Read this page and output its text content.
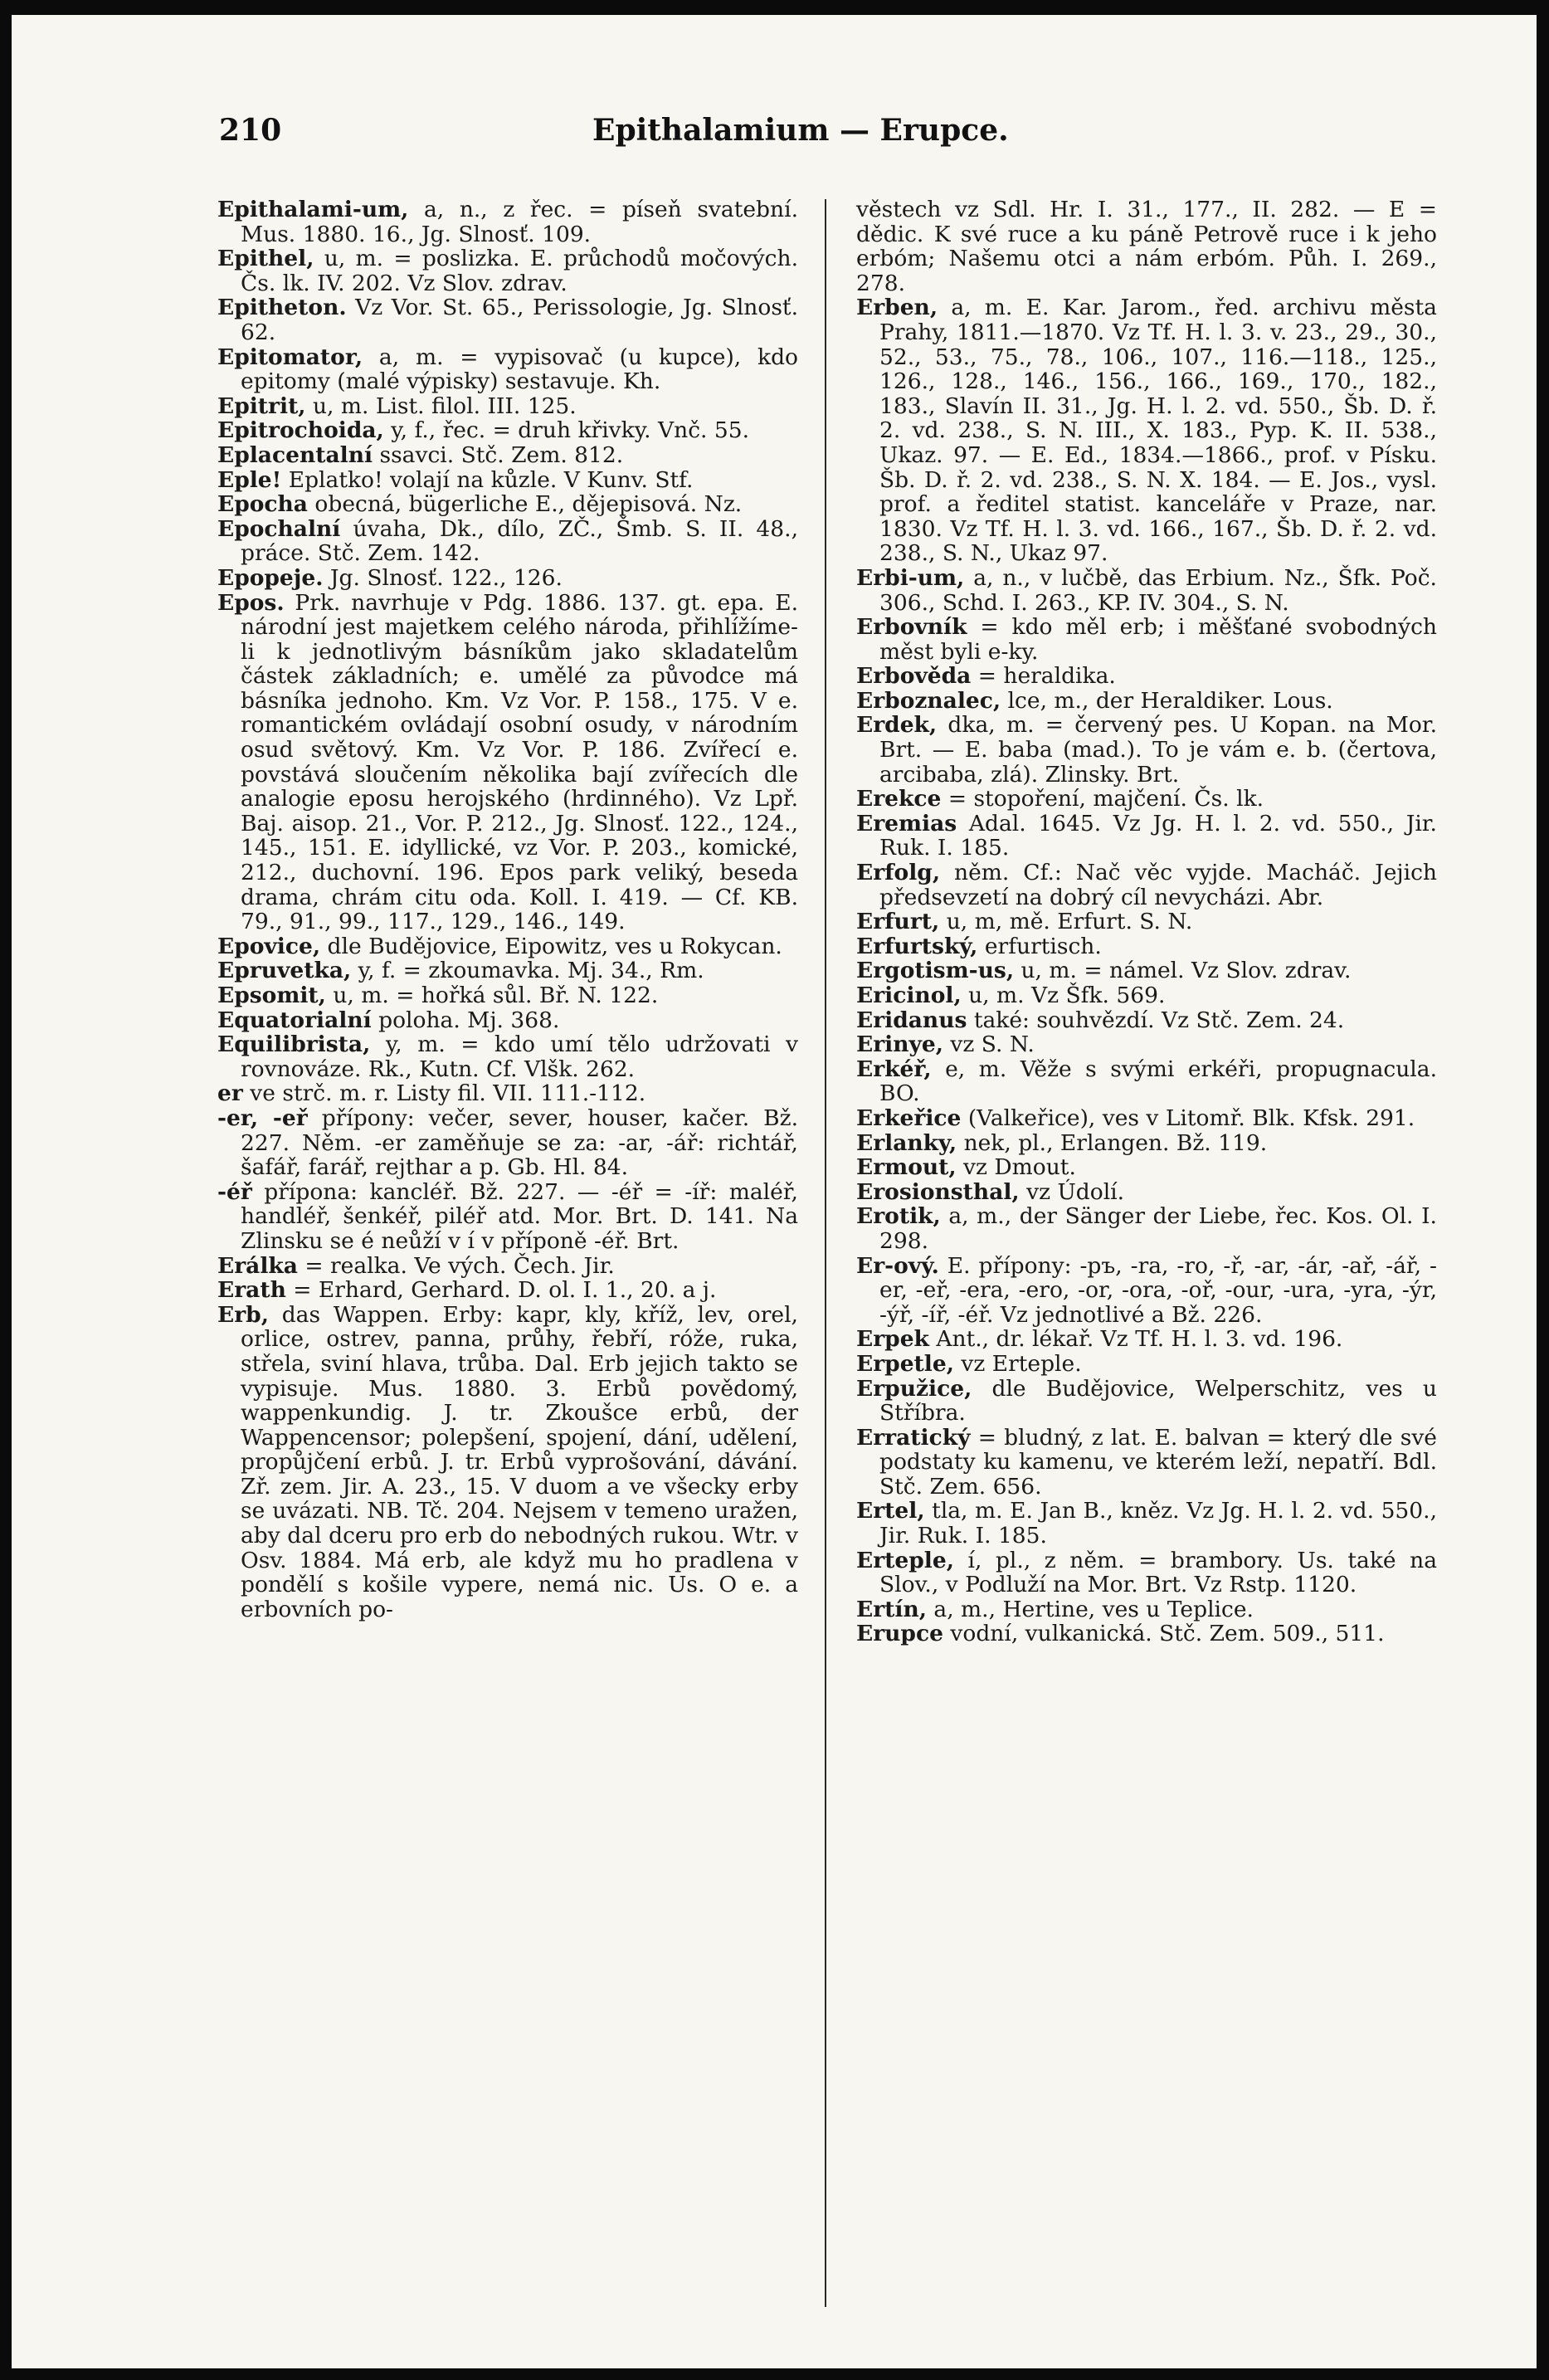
210	Epithalamium — Erupce.

Epithalami-um, a, n., z řec. = píseň svatební. Mus. 1880. 16., Jg. Slnosť. 109.

Epithel, u, m. = poslizka. E. průchodů močových. Čs. lk. IV. 202. Vz Slov. zdrav.

Epitheton. Vz Vor. St. 65., Perissologie, Jg. Slnosť. 62.

Epitomator, a, m. = vypisovač (u kupce), kdo epitomy (malé výpisky) sestavuje. Kh.

Epitrit, u, m. List. filol. III. 125.

Epitrochoida, y, f., řec. = druh křivky. Vnč. 55.

Eplacentalní ssavci. Stč. Zem. 812.

Eple! Eplatko! volají na kůzle. V Kunv. Stf.

Epocha obecná, bügerliche E., dějepisová. Nz.

Epochalní úvaha, Dk., dílo, ZČ., Šmb. S. II. 48., práce. Stč. Zem. 142.

Epopeje. Jg. Slnosť. 122., 126.

Epos. Prk. navrhuje v Pdg. 1886. 137. gt. epa. E. národní jest majetkem celého národa, přihlížíme-li k jednotlivým básníkům jako skladatelům částek základních; e. umělé za původce má básníka jednoho. Km. Vz Vor. P. 158., 175. V e. romantickém ovládají osobní osudy, v národním osud světový. Km. Vz Vor. P. 186. Zvířecí e. povstává sloučením několika bají zvířecích dle analogie eposu herojského (hrdinného). Vz Lpř. Baj. aisop. 21., Vor. P. 212., Jg. Slnosť. 122., 124., 145., 151. E. idyllické, vz Vor. P. 203., komické, 212., duchovní. 196. Epos park veliký, beseda drama, chrám citu oda. Koll. I. 419. — Cf. KB. 79., 91., 99., 117., 129., 146., 149.

Epovice, dle Budějovice, Eipowitz, ves u Rokycan.

Epruvetka, y, f. = zkoumavka. Mj. 34., Rm.

Epsomit, u, m. = hořká sůl. Bř. N. 122.

Equatorialní poloha. Mj. 368.

Equilibrista, y, m. = kdo umí tělo udržovati v rovnováze. Rk., Kutn. Cf. Vlšk. 262.

er ve strč. m. r. Listy fil. VII. 111.-112.

-er, -eř přípony: večer, sever, houser, kačer. Bž. 227. Něm. -er zaměňuje se za: -ar, -ář: richtář, šafář, farář, rejthar a p. Gb. Hl. 84.

-éř přípona: kancléř. Bž. 227. — -éř = -íř: maléř, handléř, šenkéř, piléř atd. Mor. Brt. D. 141. Na Zlinsku se é neůží v í v příponě -éř. Brt.

Erálka = realka. Ve vých. Čech. Jir.

Erath = Erhard, Gerhard. D. ol. I. 1., 20. a j.

Erb, das Wappen. Erby: kapr, kly, kříž, lev, orel, orlice, ostrev, panna, průhy, řebří, róže, ruka, střela, sviní hlava, trůba. Dal. Erb jejich takto se vypisuje. Mus. 1880. 3. Erbů povědomý, wappenkundig. J. tr. Zkoušce erbů, der Wappencensor; polepšení, spojení, dání, udělení, propůjčení erbů. J. tr. Erbů vyprošování, dávání. Zř. zem. Jir. A. 23., 15. V duom a ve všecky erby se uvázati. NB. Tč. 204. Nejsem v temeno uražen, aby dal dceru pro erb do nebodných rukou. Wtr. v Osv. 1884. Má erb, ale když mu ho pradlena v pondělí s košile vypere, nemá nic. Us. O e. a erbovních po-

věstech vz Sdl. Hr. I. 31., 177., II. 282. — E = dědic. K své ruce a ku páně Petrově ruce i k jeho erbóm; Našemu otci a nám erbóm. Půh. I. 269., 278.

Erben, a, m. E. Kar. Jarom., řed. archivu města Prahy, 1811.—1870. Vz Tf. H. l. 3. v. 23., 29., 30., 52., 53., 75., 78., 106., 107., 116.—118., 125., 126., 128., 146., 156., 166., 169., 170., 182., 183., Slavín II. 31., Jg. H. l. 2. vd. 550., Šb. D. ř. 2. vd. 238., S. N. III., X. 183., Pyp. K. II. 538., Ukaz. 97. — E. Ed., 1834.—1866., prof. v Písku. Šb. D. ř. 2. vd. 238., S. N. X. 184. — E. Jos., vysl. prof. a ředitel statist. kanceláře v Praze, nar. 1830. Vz Tf. H. l. 3. vd. 166., 167., Šb. D. ř. 2. vd. 238., S. N., Ukaz 97.

Erbi-um, a, n., v lučbě, das Erbium. Nz., Šfk. Poč. 306., Schd. I. 263., KP. IV. 304., S. N.

Erbovník = kdo měl erb; i měšťané svobodných měst byli e-ky.

Erbověda = heraldika.

Erboznalec, lce, m., der Heraldiker. Lous.

Erdek, dka, m. = červený pes. U Kopan. na Mor. Brt. — E. baba (mad.). To je vám e. b. (čertova, arcibaba, zlá). Zlinsky. Brt.

Erekce = stopoření, majčení. Čs. lk.

Eremias Adal. 1645. Vz Jg. H. l. 2. vd. 550., Jir. Ruk. I. 185.

Erfolg, něm. Cf.: Nač věc vyjde. Macháč. Jejich předsevzetí na dobrý cíl nevycházi. Abr.

Erfurt, u, m, mě. Erfurt. S. N.

Erfurtský, erfurtisch.

Ergotism-us, u, m. = námel. Vz Slov. zdrav.

Ericinol, u, m. Vz Šfk. 569.

Eridanus také: souhvězdí. Vz Stč. Zem. 24.

Erinye, vz S. N.

Erkéř, e, m. Věže s svými erkéři, propugnacula. BO.

Erkeřice (Valkeřice), ves v Litomř. Blk. Kfsk. 291.

Erlanky, nek, pl., Erlangen. Bž. 119.

Ermout, vz Dmout.

Erosionsthal, vz Údolí.

Erotik, a, m., der Sänger der Liebe, řec. Kos. Ol. I. 298.

Er-ový. E. přípony: -ръ, -ra, -ro, -ř, -ar, -ár, -ař, -ář, -er, -eř, -era, -ero, -or, -ora, -oř, -our, -ura, -yra, -ýr, -ýř, -íř, -éř. Vz jednotlivé a Bž. 226.

Erpek Ant., dr. lékař. Vz Tf. H. l. 3. vd. 196.

Erpetle, vz Erteple.

Erpužice, dle Budějovice, Welperschitz, ves u Stříbra.

Erratický = bludný, z lat. E. balvan = který dle své podstaty ku kamenu, ve kterém leží, nepatří. Bdl. Stč. Zem. 656.

Ertel, tla, m. E. Jan B., kněz. Vz Jg. H. l. 2. vd. 550., Jir. Ruk. I. 185.

Erteple, í, pl., z něm. = brambory. Us. také na Slov., v Podluží na Mor. Brt. Vz Rstp. 1120.

Ertín, a, m., Hertine, ves u Teplice.

Erupce vodní, vulkanická. Stč. Zem. 509., 511.
